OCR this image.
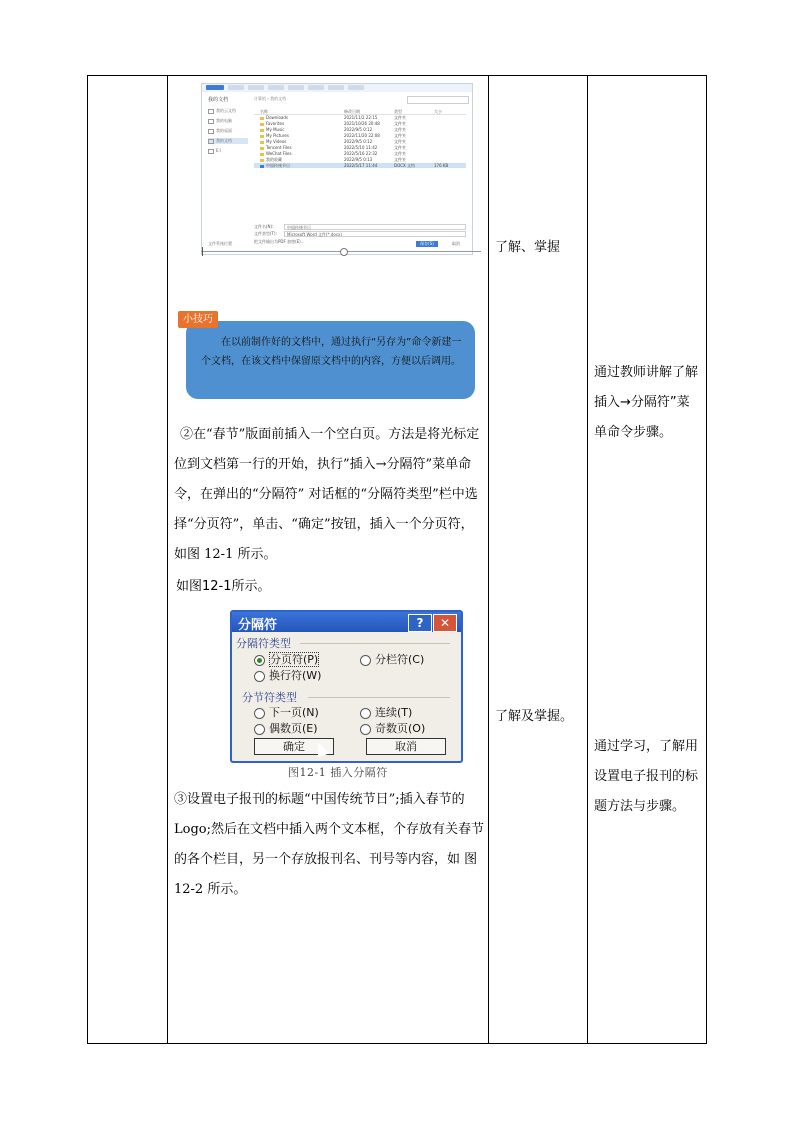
我的文档	计算机 › 我的文档
我的云文档
我的电脑
我的桌面
我的文档
E:\
名称	修改日期	类型	大小
Downloads	2021/11/2 22:15	文件夹
Favorites	2021/10/26 20:48	文件夹
My Music	2022/9/5 0:12	文件夹
My Pictures	2022/11/20 22:08	文件夹
My Videos	2022/9/5 0:12	文件夹
Tencent Files	2022/5/10 11:42	文件夹
WeChat Files	2022/5/16 22:32	文件夹
我的收藏	2022/9/5 0:13	文件夹
中国传统节日	2022/5/17 11:44	DOCX 文档	176 KB
文件名(N):	中国传统节日
文件类型(T):	Microsoft Word 文件(*.docx)
把文件输出为PDF 加密(E)...
文件系统位置	保存(S)	取消
小技巧
在以前制作好的文档中，通过执行“另存为”命令新建一个文档，在该文档中保留原文档中的内容，方便以后调用。
②在“春节”版面前插入一个空白页。方法是将光标定位到文档第一行的开始，执行”插入→分隔符”菜单命令，在弹出的“分隔符” 对话框的“分隔符类型”栏中选择“分页符”，单击、“确定”按钮，插入一个分页符，如图 12-1 所示。
如图12-1所示。
分隔符	?	✕
分隔符类型
分页符(P)	分栏符(C)
换行符(W)
分节符类型
下一页(N)	连续(T)
偶数页(E)	奇数页(O)
确定	取消
图12-1 插入分隔符
③设置电子报刊的标题“中国传统节日”;插入春节的 Logo;然后在文档中插入两个文本框，个存放有关春节的各个栏目，另一个存放报刊名、刊号等内容，如 图 12-2 所示。
了解、掌握
了解及掌握。
通过教师讲解了解插入→分隔符”菜单命令步骤。
通过学习，了解用设置电子报刊的标题方法与步骤。
